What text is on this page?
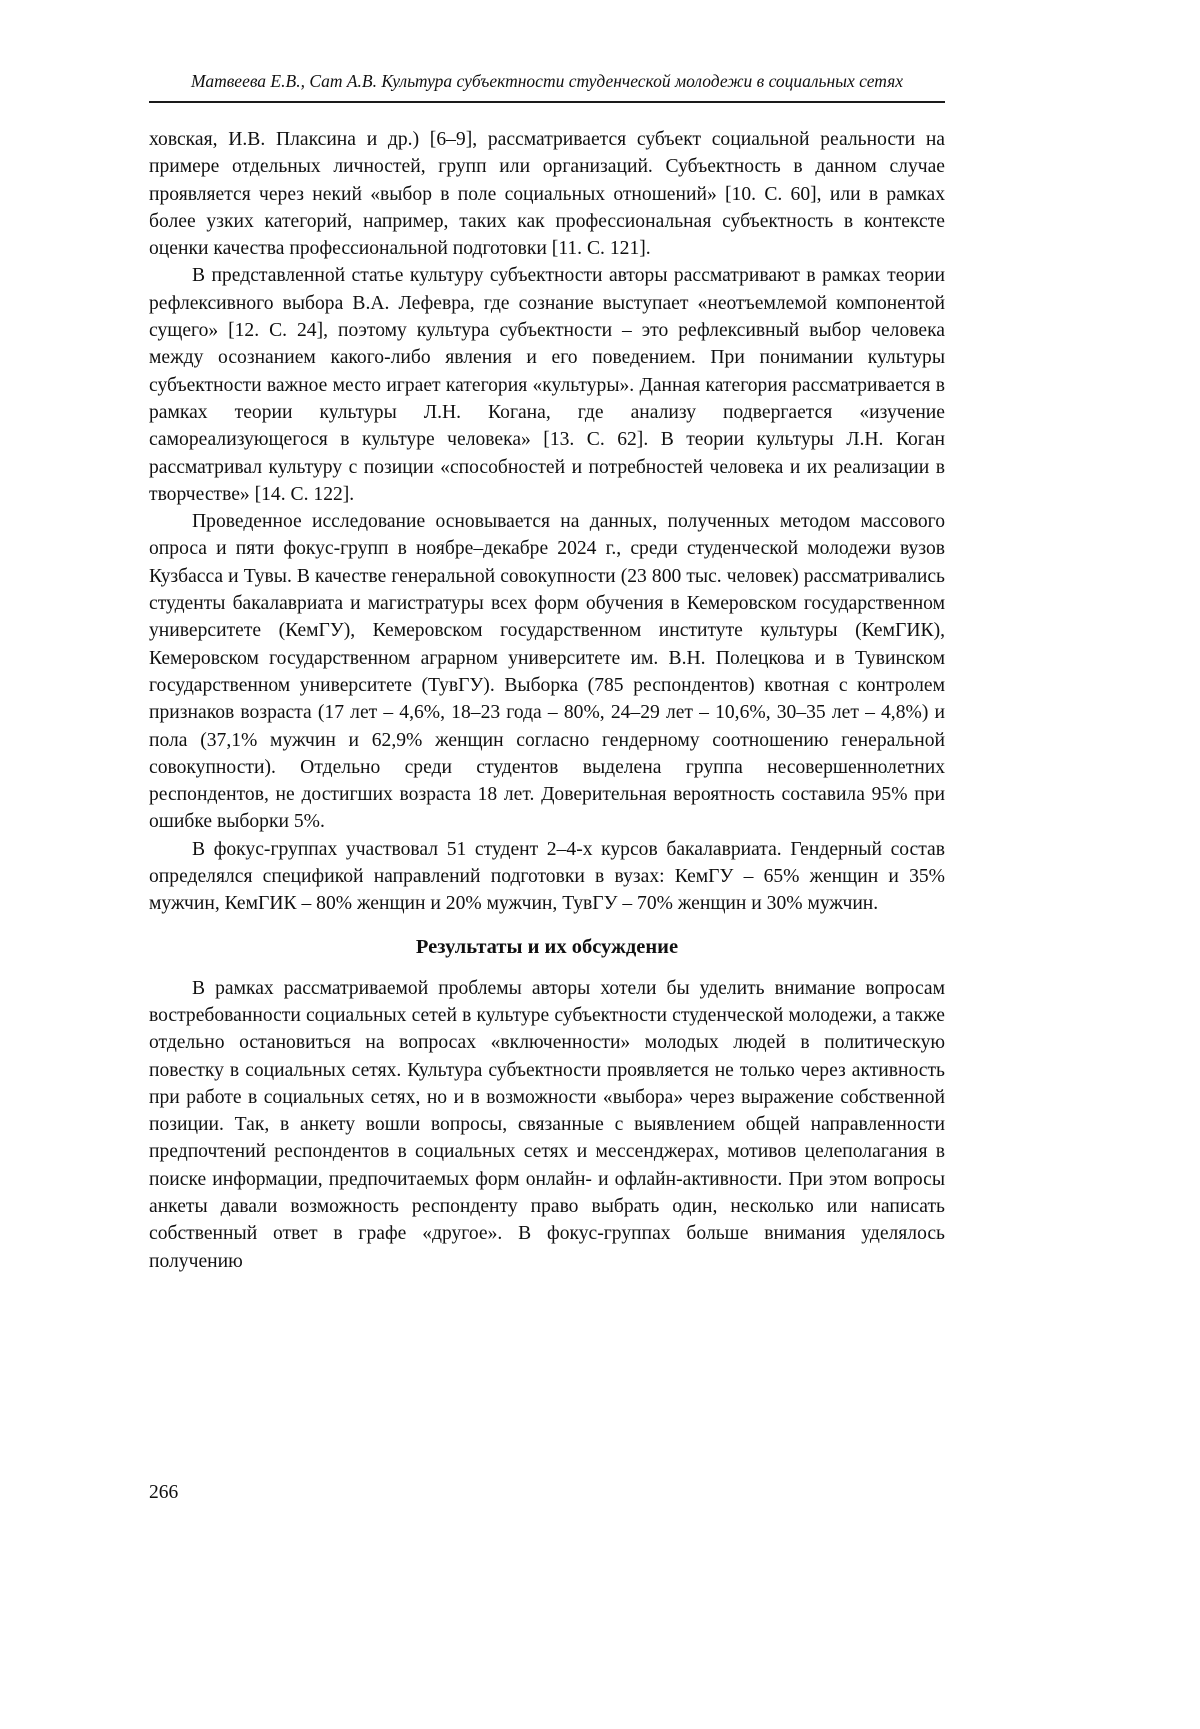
Матвеева Е.В., Сат А.В. Культура субъектности студенческой молодежи в социальных сетях

ховская, И.В. Плаксина и др.) [6–9], рассматривается субъект социальной реальности на примере отдельных личностей, групп или организаций. Субъектность в данном случае проявляется через некий «выбор в поле социальных отношений» [10. С. 60], или в рамках более узких категорий, например, таких как профессиональная субъектность в контексте оценки качества профессиональной подготовки [11. С. 121].

В представленной статье культуру субъектности авторы рассматривают в рамках теории рефлексивного выбора В.А. Лефевра, где сознание выступает «неотъемлемой компонентой сущего» [12. С. 24], поэтому культура субъектности – это рефлексивный выбор человека между осознанием какого-либо явления и его поведением. При понимании культуры субъектности важное место играет категория «культуры». Данная категория рассматривается в рамках теории культуры Л.Н. Когана, где анализу подвергается «изучение самореализующегося в культуре человека» [13. С. 62]. В теории культуры Л.Н. Коган рассматривал культуру с позиции «способностей и потребностей человека и их реализации в творчестве» [14. С. 122].

Проведенное исследование основывается на данных, полученных методом массового опроса и пяти фокус-групп в ноябре–декабре 2024 г., среди студенческой молодежи вузов Кузбасса и Тувы. В качестве генеральной совокупности (23 800 тыс. человек) рассматривались студенты бакалавриата и магистратуры всех форм обучения в Кемеровском государственном университете (КемГУ), Кемеровском государственном институте культуры (КемГИК), Кемеровском государственном аграрном университете им. В.Н. Полецкова и в Тувинском государственном университете (ТувГУ). Выборка (785 респондентов) квотная с контролем признаков возраста (17 лет – 4,6%, 18–23 года – 80%, 24–29 лет – 10,6%, 30–35 лет – 4,8%) и пола (37,1% мужчин и 62,9% женщин согласно гендерному соотношению генеральной совокупности). Отдельно среди студентов выделена группа несовершеннолетних респондентов, не достигших возраста 18 лет. Доверительная вероятность составила 95% при ошибке выборки 5%.

В фокус-группах участвовал 51 студент 2–4-х курсов бакалавриата. Гендерный состав определялся спецификой направлений подготовки в вузах: КемГУ – 65% женщин и 35% мужчин, КемГИК – 80% женщин и 20% мужчин, ТувГУ – 70% женщин и 30% мужчин.

Результаты и их обсуждение

В рамках рассматриваемой проблемы авторы хотели бы уделить внимание вопросам востребованности социальных сетей в культуре субъектности студенческой молодежи, а также отдельно остановиться на вопросах «включенности» молодых людей в политическую повестку в социальных сетях. Культура субъектности проявляется не только через активность при работе в социальных сетях, но и в возможности «выбора» через выражение собственной позиции. Так, в анкету вошли вопросы, связанные с выявлением общей направленности предпочтений респондентов в социальных сетях и мессенджерах, мотивов целеполагания в поиске информации, предпочитаемых форм онлайн- и офлайн-активности. При этом вопросы анкеты давали возможность респонденту право выбрать один, несколько или написать собственный ответ в графе «другое». В фокус-группах больше внимания уделялось получению

266
